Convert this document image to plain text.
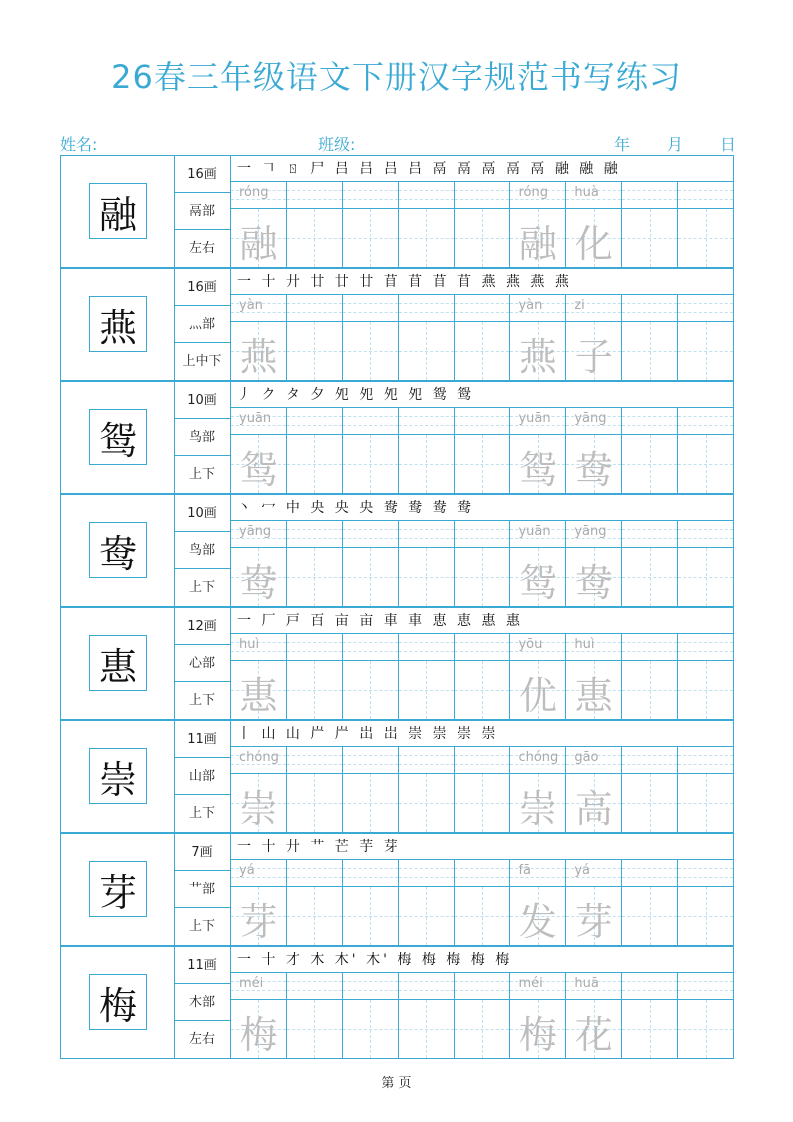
26春三年级语文下册汉字规范书写练习
姓名:	班级:	年 月 日
融
16画
鬲部
左右
一 𠃍 ㄖ 尸 吕 吕 吕 吕 鬲 鬲 鬲 鬲 鬲 融 融 融
róng
融
róng
融
huà
化
燕
16画
灬部
上中下
一 十 廾 廿 廿 廿 苜 苜 苜 苜 燕 燕 燕 燕
yàn
燕
yàn
燕
zi
子
鸳
10画
鸟部
上下
丿 ク タ 夕 夗 夗 夗 夗 鸳 鸳
yuān
鸳
yuān
鸳
yāng
鸯
鸯
10画
鸟部
上下
丶 冖 中 央 央 央 鸯 鸯 鸯 鸯
yāng
鸯
yuān
鸳
yāng
鸯
惠
12画
心部
上下
一 厂 戸 百 亩 亩 車 車 恵 恵 惠 惠
huì
惠
yōu
优
huì
惠
崇
11画
山部
上下
丨 山 山 屵 屵 岀 岀 崇 崇 崇 崇
chóng
崇
chóng
崇
gāo
高
芽
7画
艹部
上下
一 十 廾 艹 芒 芋 芽
yá
芽
fā
发
yá
芽
梅
11画
木部
左右
一 十 才 木 木' 木' 梅 梅 梅 梅 梅
méi
梅
méi
梅
huā
花
第 页
